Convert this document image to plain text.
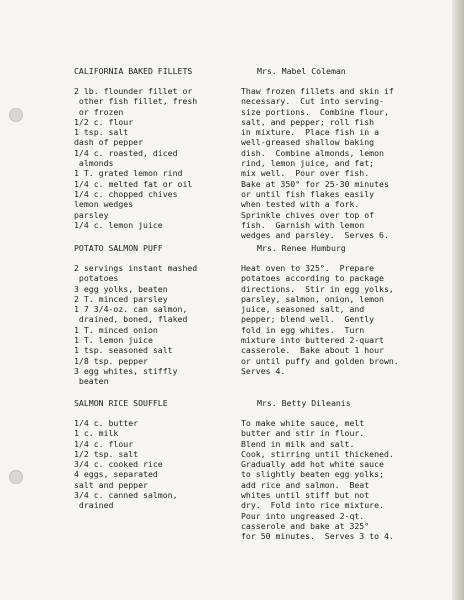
CALIFORNIA BAKED FILLETS	Mrs. Mabel Coleman
2 lb. flounder fillet or
other fish fillet, fresh
or frozen
1/2 c. flour
1 tsp. salt
dash of pepper
1/4 c. roasted, diced
almonds
1 T. grated lemon rind
1/4 c. melted fat or oil
1/4 c. chopped chives
lemon wedges
parsley
1/4 c. lemon juice
Thaw frozen fillets and skin if
necessary.  Cut into serving-
size portions.  Combine flour,
salt, and pepper; roll fish
in mixture.  Place fish in a
well-greased shallow baking
dish.  Combine almonds, lemon
rind, lemon juice, and fat;
mix well.  Pour over fish.
Bake at 350° for 25-30 minutes
or until fish flakes easily
when tested with a fork.
Sprinkle chives over top of
fish.  Garnish with lemon
wedges and parsley.  Serves 6.
POTATO SALMON PUFF	Mrs. Renee Humburg
2 servings instant mashed
potatoes
3 egg yolks, beaten
2 T. minced parsley
1 7 3/4-oz. can salmon,
drained, boned, flaked
1 T. minced onion
1 T. lemon juice
1 tsp. seasoned salt
1/8 tsp. pepper
3 egg whites, stiffly
beaten
Heat oven to 325°.  Prepare
potatoes according to package
directions.  Stir in egg yolks,
parsley, salmon, onion, lemon
juice, seasoned salt, and
pepper; blend well.  Gently
fold in egg whites.  Turn
mixture into buttered 2-quart
casserole.  Bake about 1 hour
or until puffy and golden brown.
Serves 4.
SALMON RICE SOUFFLE	Mrs. Betty Dileanis
1/4 c. butter
1 c. milk
1/4 c. flour
1/2 tsp. salt
3/4 c. cooked rice
4 eggs, separated
salt and pepper
3/4 c. canned salmon,
drained
To make white sauce, melt
butter and stir in flour.
Blend in milk and salt.
Cook, stirring until thickened.
Gradually add hot white sauce
to slightly beaten egg yolks;
add rice and salmon.  Beat
whites until stiff but not
dry.  Fold into rice mixture.
Pour into ungreased 2-qt.
casserole and bake at 325°
for 50 minutes.  Serves 3 to 4.
